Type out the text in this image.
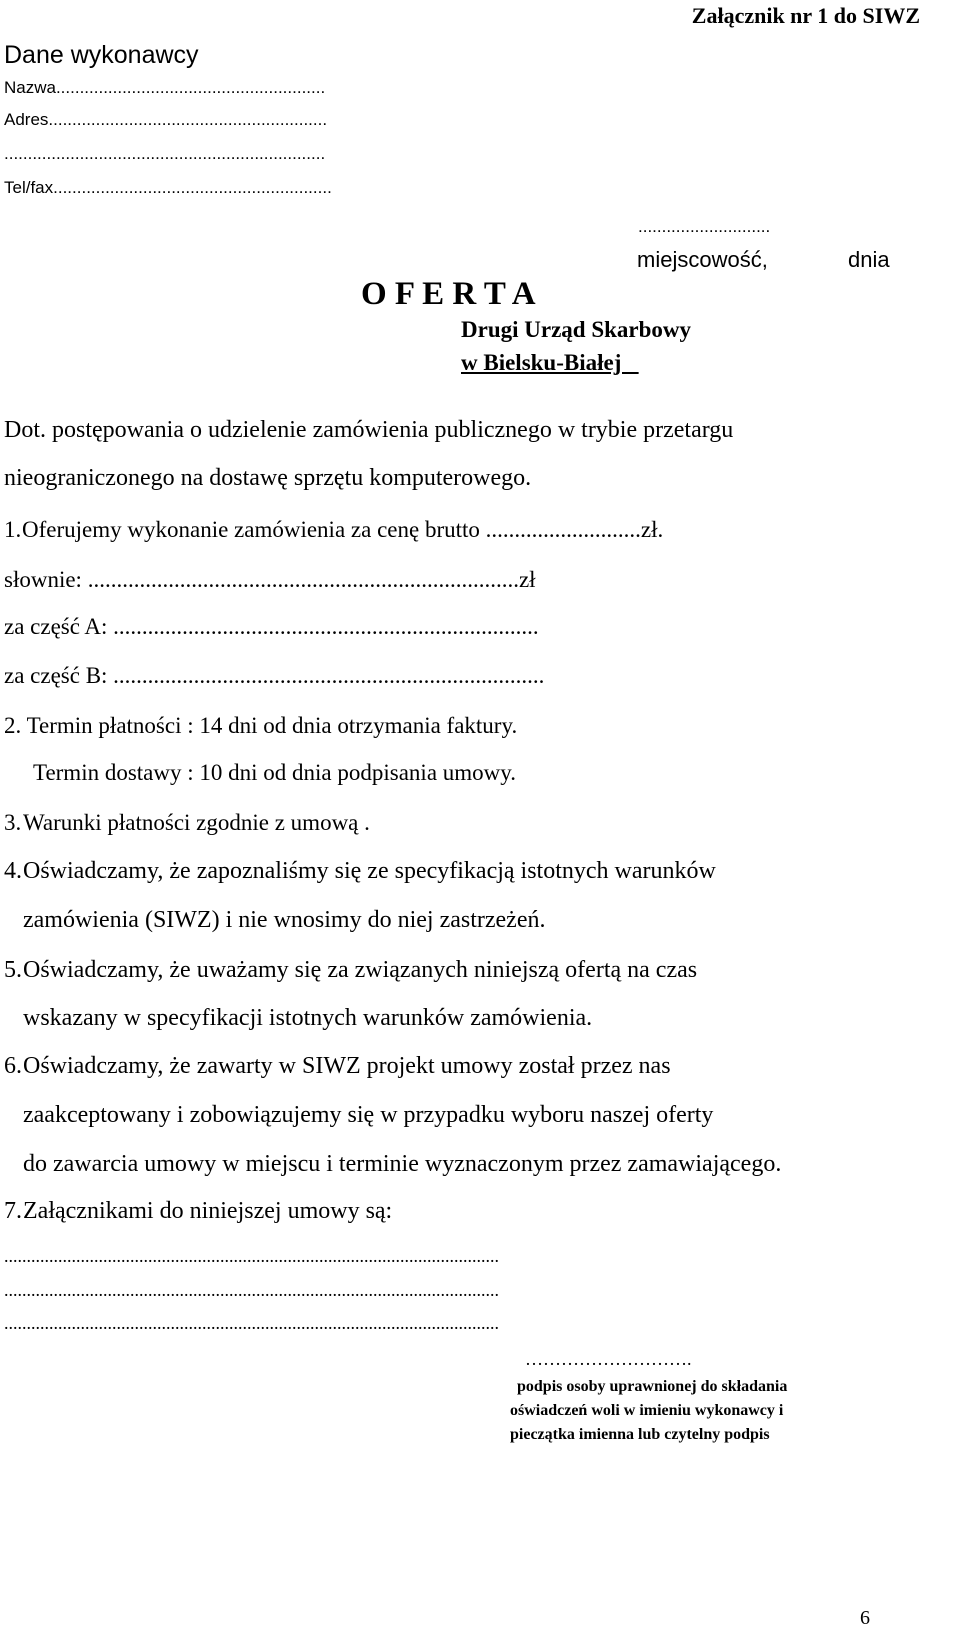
Załącznik nr 1 do SIWZ
Dane wykonawcy
Nazwa.........................................................
Adres...........................................................
....................................................................
Tel/fax...........................................................
............................
miejscowość,	dnia
O F E R T A
Drugi Urząd Skarbowy
w Bielsku-Białej
Dot. postępowania o udzielenie zamówienia publicznego w trybie przetargu
nieograniczonego na dostawę sprzętu komputerowego.
1. Oferujemy wykonanie zamówienia za cenę brutto ...........................zł.
słownie: ...........................................................................zł
za część A: ..........................................................................
za część B: ...........................................................................
2. Termin płatności : 14 dni od dnia otrzymania faktury.
Termin dostawy : 10 dni od dnia podpisania umowy.
3. Warunki płatności zgodnie z umową .
4. Oświadczamy, że zapoznaliśmy się ze specyfikacją istotnych warunków
zamówienia (SIWZ) i nie wnosimy do niej zastrzeżeń.
5. Oświadczamy, że uważamy się za związanych niniejszą ofertą na czas
wskazany w specyfikacji istotnych warunków zamówienia.
6. Oświadczamy, że zawarty w SIWZ projekt umowy został przez nas
zaakceptowany i zobowiązujemy się w przypadku wyboru naszej oferty
do zawarcia umowy w miejscu i terminie wyznaczonym przez zamawiającego.
7. Załącznikami do niniejszej umowy są:
..............................................................................................................
..............................................................................................................
..............................................................................................................
……………………….
podpis osoby uprawnionej do składania
oświadczeń woli w imieniu wykonawcy i
pieczątka imienna lub czytelny podpis
6
